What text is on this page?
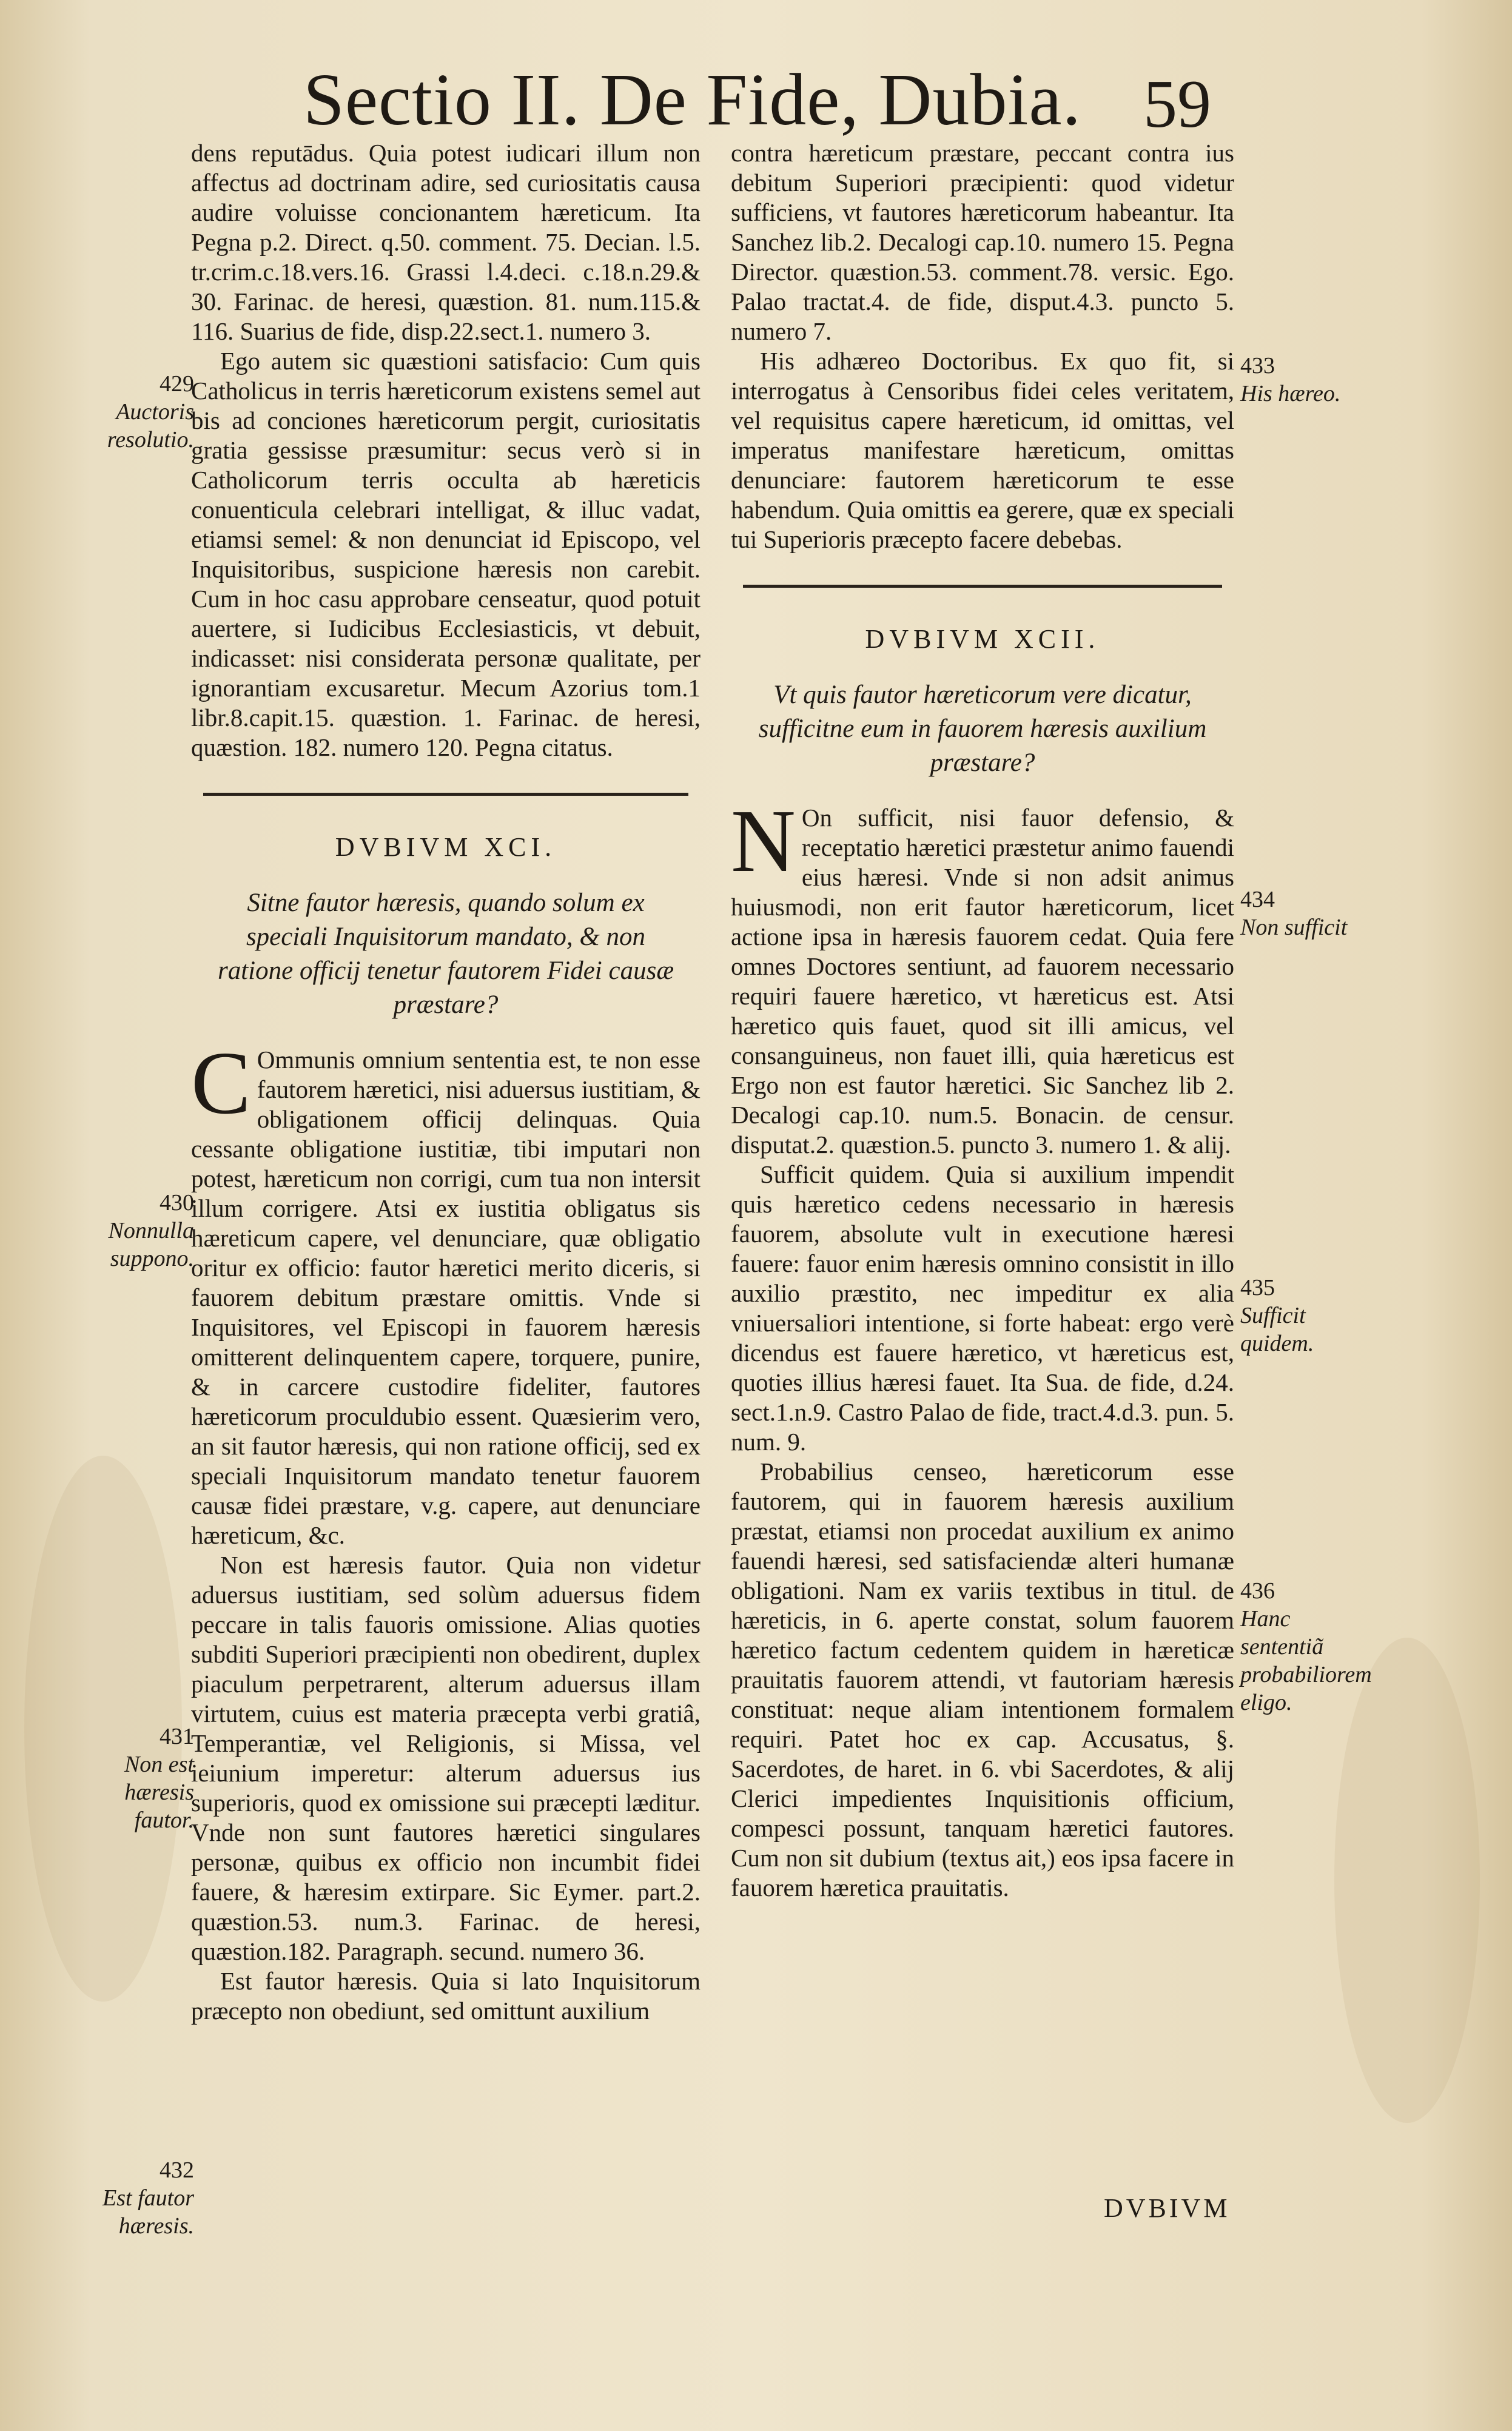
Sectio II. De Fide, Dubia. 59

dens reputādus. Quia potest iudicari illum non affectus ad doctrinam adire, sed curiositatis causa audire voluisse concionantem hæreticum. Ita Pegna p.2. Direct. q.50. comment. 75. Decian. l.5. tr.crim.c.18.vers.16. Grassi l.4.deci. c.18.n.29.& 30. Farinac. de heresi, quæstion. 81. num.115.& 116. Suarius de fide, disp.22.sect.1. numero 3.

Ego autem sic quæstioni satisfacio: Cum quis Catholicus in terris hæreticorum existens semel aut bis ad conciones hæreticorum pergit, curiositatis gratia gessisse præsumitur: secus verò si in Catholicorum terris occulta ab hæreticis conuenticula celebrari intelligat, & illuc vadat, etiamsi semel: & non denunciat id Episcopo, vel Inquisitoribus, suspicione hæresis non carebit. Cum in hoc casu approbare censeatur, quod potuit auertere, si Iudicibus Ecclesiasticis, vt debuit, indicasset: nisi considerata personæ qualitate, per ignorantiam excusaretur. Mecum Azorius tom.1 libr.8.capit.15. quæstion. 1. Farinac. de heresi, quæstion. 182. numero 120. Pegna citatus.

DVBIVM XCI.
Sitne fautor hæresis, quando solum ex speciali Inquisitorum mandato, & non ratione officij tenetur fautorem Fidei causæ præstare?

C Ommunis omnium sententia est, te non esse fautorem hæretici, nisi aduersus iustitiam, & obligationem officij delinquas. Quia cessante obligatione iustitiæ, tibi imputari non potest, hæreticum non corrigi, cum tua non intersit illum corrigere. Atsi ex iustitia obligatus sis hæreticum capere, vel denunciare, quæ obligatio oritur ex officio: fautor hæretici merito diceris, si fauorem debitum præstare omittis. Vnde si Inquisitores, vel Episcopi in fauorem hæresis omitterent delinquentem capere, torquere, punire, & in carcere custodire fideliter, fautores hæreticorum proculdubio essent. Quæsierim vero, an sit fautor hæresis, qui non ratione officij, sed ex speciali Inquisitorum mandato tenetur fauorem causæ fidei præstare, v.g. capere, aut denunciare hæreticum, &c.

Non est hæresis fautor. Quia non videtur aduersus iustitiam, sed solùm aduersus fidem peccare in talis fauoris omissione. Alias quoties subditi Superiori præcipienti non obedirent, duplex piaculum perpetrarent, alterum aduersus illam virtutem, cuius est materia præcepta verbi gratiâ, Temperantiæ, vel Religionis, si Missa, vel ieiunium imperetur: alterum aduersus ius superioris, quod ex omissione sui præcepti læditur. Vnde non sunt fautores hæretici singulares personæ, quibus ex officio non incumbit fidei fauere, & hæresim extirpare. Sic Eymer. part.2. quæstion.53. num.3. Farinac. de heresi, quæstion.182. Paragraph. secund. numero 36.

Est fautor hæresis. Quia si lato Inquisitorum præcepto non obediunt, sed omittunt auxilium

429
Auctoris resolutio.
430
Nonnulla suppono.
431
Non est hæresis fautor.
432
Est fautor hæresis.

contra hæreticum præstare, peccant contra ius debitum Superiori præcipienti: quod videtur sufficiens, vt fautores hæreticorum habeantur. Ita Sanchez lib.2. Decalogi cap.10. numero 15. Pegna Director. quæstion.53. comment.78. versic. Ego. Palao tractat.4. de fide, disput.4.3. puncto 5. numero 7.

His adhæreo Doctoribus. Ex quo fit, si interrogatus à Censoribus fidei celes veritatem, vel requisitus capere hæreticum, id omittas, vel imperatus manifestare hæreticum, omittas denunciare: fautorem hæreticorum te esse habendum. Quia omittis ea gerere, quæ ex speciali tui Superioris præcepto facere debebas.

DVBIVM XCII.
Vt quis fautor hæreticorum vere dicatur, sufficitne eum in fauorem hæresis auxilium præstare?

N On sufficit, nisi fauor defensio, & receptatio hæretici præstetur animo fauendi eius hæresi. Vnde si non adsit animus huiusmodi, non erit fautor hæreticorum, licet actione ipsa in hæresis fauorem cedat. Quia fere omnes Doctores sentiunt, ad fauorem necessario requiri fauere hæretico, vt hæreticus est. Atsi hæretico quis fauet, quod sit illi amicus, vel consanguineus, non fauet illi, quia hæreticus est Ergo non est fautor hæretici. Sic Sanchez lib 2. Decalogi cap.10. num.5. Bonacin. de censur. disputat.2. quæstion.5. puncto 3. numero 1. & alij.

Sufficit quidem. Quia si auxilium impendit quis hæretico cedens necessario in hæresis fauorem, absolute vult in executione hæresi fauere: fauor enim hæresis omnino consistit in illo auxilio præstito, nec impeditur ex alia vniuersaliori intentione, si forte habeat: ergo verè dicendus est fauere hæretico, vt hæreticus est, quoties illius hæresi fauet. Ita Sua. de fide, d.24. sect.1.n.9. Castro Palao de fide, tract.4.d.3. pun. 5. num. 9.

Probabilius censeo, hæreticorum esse fautorem, qui in fauorem hæresis auxilium præstat, etiamsi non procedat auxilium ex animo fauendi hæresi, sed satisfaciendæ alteri humanæ obligationi. Nam ex variis textibus in titul. de hæreticis, in 6. aperte constat, solum fauorem hæretico factum cedentem quidem in hæreticæ prauitatis fauorem attendi, vt fautoriam hæresis constituat: neque aliam intentionem formalem requiri. Patet hoc ex cap. Accusatus, §. Sacerdotes, de haret. in 6. vbi Sacerdotes, & alij Clerici impedientes Inquisitionis officium, compesci possunt, tanquam hæretici fautores. Cum non sit dubium (textus ait,) eos ipsa facere in fauorem hæretica prauitatis.

433
His hæreo.
434
Non sufficit
435
Sufficit quidem.
436
Hanc sententiã probabiliorem eligo.
DVBIVM
